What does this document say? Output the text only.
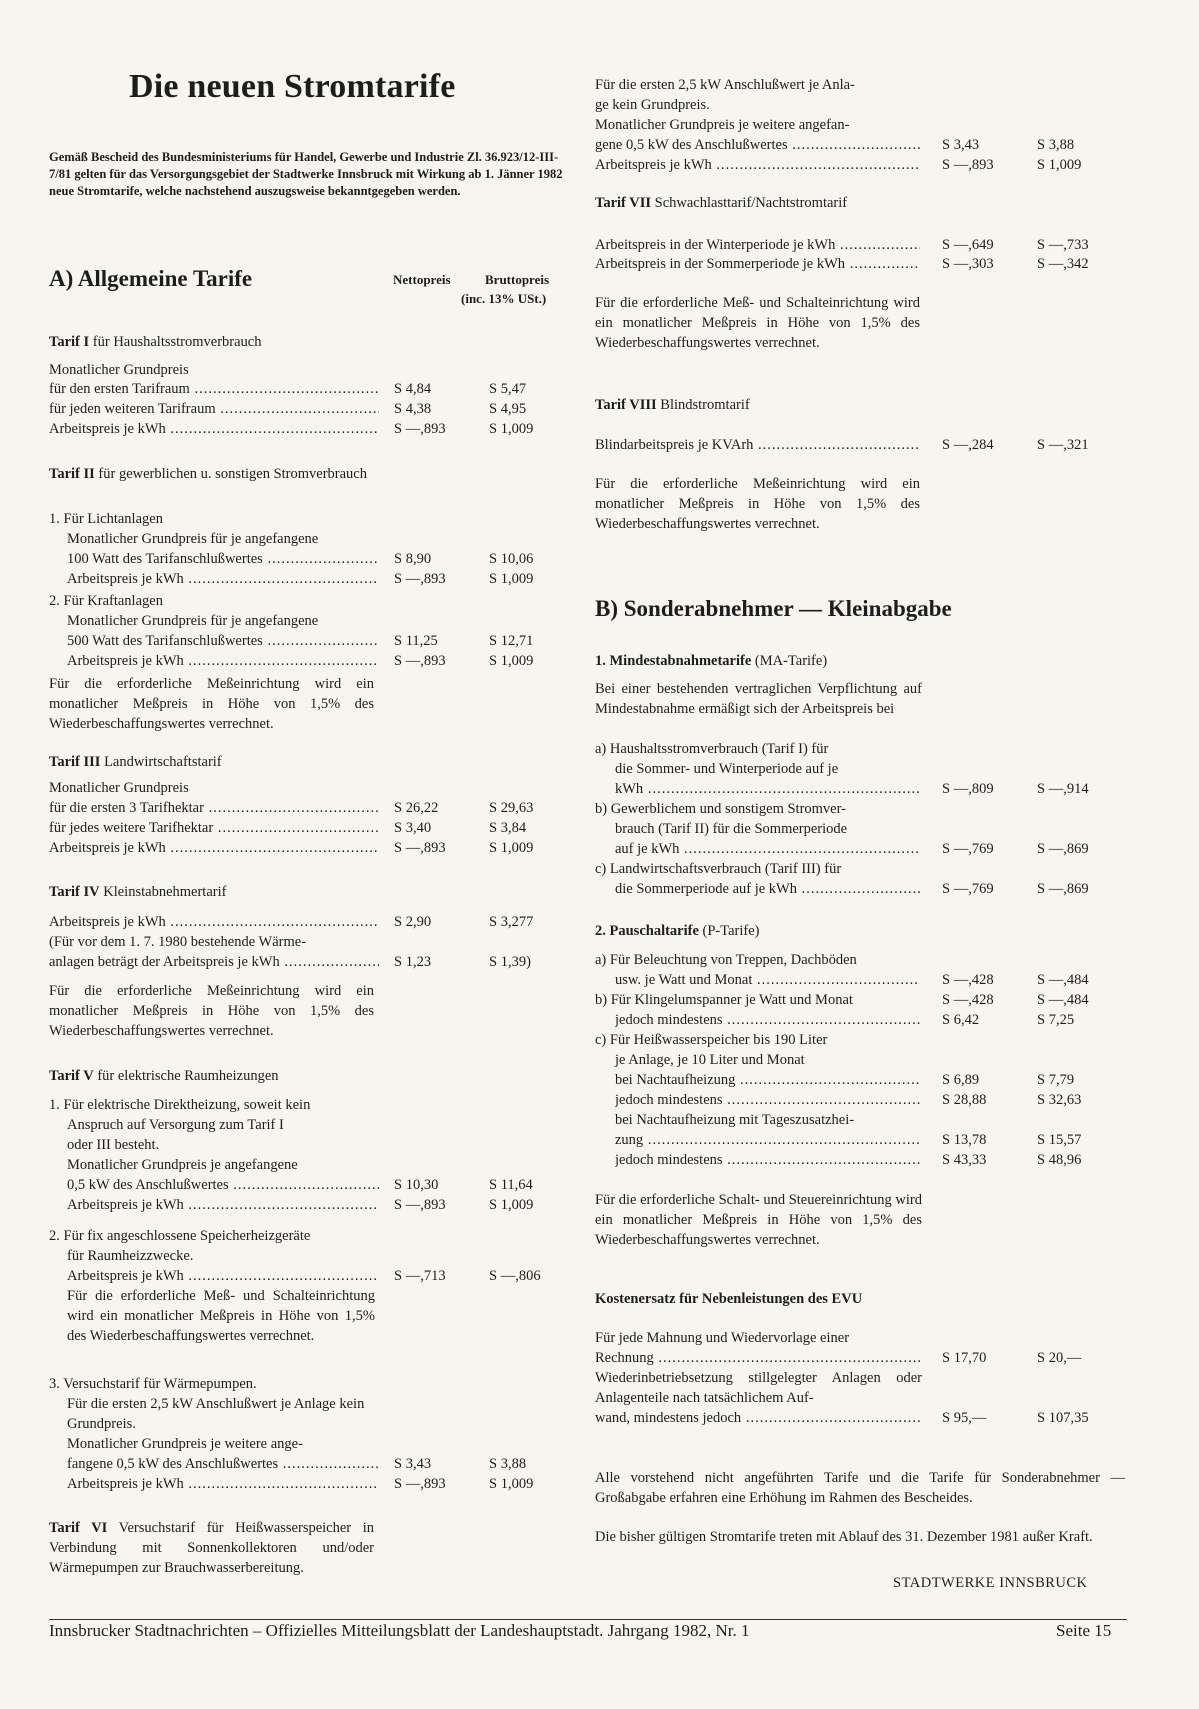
Die neuen Stromtarife
Gemäß Bescheid des Bundesministeriums für Handel, Gewerbe und Industrie Zl. 36.923/12-III-7/81 gelten für das Versorgungsgebiet der Stadtwerke Innsbruck mit Wirkung ab 1. Jänner 1982 neue Stromtarife, welche nachstehend auszugsweise bekanntgegeben werden.
A) Allgemeine Tarife	Nettopreis	Bruttopreis
(inc. 13% USt.)
Tarif I für Haushaltsstromverbrauch
Monatlicher Grundpreis
für den ersten Tarifraum .....	S 4,84	S 5,47
für jeden weiteren Tarifraum .....	S 4,38	S 4,95
Arbeitspreis je kWh .....	S —,893	S 1,009
Tarif II für gewerblichen u. sonstigen Stromverbrauch
1. Für Lichtanlagen
Monatlicher Grundpreis für je angefangene
100 Watt des Tarifanschlußwertes .....	S 8,90	S 10,06
Arbeitspreis je kWh .....	S —,893	S 1,009
2. Für Kraftanlagen
Monatlicher Grundpreis für je angefangene
500 Watt des Tarifanschlußwertes .....	S 11,25	S 12,71
Arbeitspreis je kWh .....	S —,893	S 1,009
Für die erforderliche Meßeinrichtung wird ein monatlicher Meßpreis in Höhe von 1,5% des Wiederbeschaffungswertes verrechnet.
Tarif III Landwirtschaftstarif
Monatlicher Grundpreis
für die ersten 3 Tarifhektar .....	S 26,22	S 29,63
für jedes weitere Tarifhektar .....	S 3,40	S 3,84
Arbeitspreis je kWh .....	S —,893	S 1,009
Tarif IV Kleinstabnehmertarif
Arbeitspreis je kWh .....	S 2,90	S 3,277
(Für vor dem 1. 7. 1980 bestehende Wärme-
anlagen beträgt der Arbeitspreis je kWh .....	S 1,23	S 1,39)
Für die erforderliche Meßeinrichtung wird ein monatlicher Meßpreis in Höhe von 1,5% des Wiederbeschaffungswertes verrechnet.
Tarif V für elektrische Raumheizungen
1. Für elektrische Direktheizung, soweit kein
Anspruch auf Versorgung zum Tarif I
oder III besteht.
Monatlicher Grundpreis je angefangene
0,5 kW des Anschlußwertes .....	S 10,30	S 11,64
Arbeitspreis je kWh .....	S —,893	S 1,009
2. Für fix angeschlossene Speicherheizgeräte
für Raumheizzwecke.
Arbeitspreis je kWh .....	S —,713	S —,806
Für die erforderliche Meß- und Schalteinrichtung wird ein monatlicher Meßpreis in Höhe von 1,5% des Wiederbeschaffungswertes verrechnet.
3. Versuchstarif für Wärmepumpen.
Für die ersten 2,5 kW Anschlußwert je Anlage kein Grundpreis.
Monatlicher Grundpreis je weitere ange-
fangene 0,5 kW des Anschlußwertes .....	S 3,43	S 3,88
Arbeitspreis je kWh .....	S —,893	S 1,009
Tarif VI Versuchstarif für Heißwasserspeicher in Verbindung mit Sonnenkollektoren und/oder Wärmepumpen zur Brauchwasserbereitung.
Für die ersten 2,5 kW Anschlußwert je Anla-
ge kein Grundpreis.
Monatlicher Grundpreis je weitere angefan-
gene 0,5 kW des Anschlußwertes .....	S 3,43	S 3,88
Arbeitspreis je kWh .....	S —,893	S 1,009
Tarif VII Schwachlasttarif/Nachtstromtarif
Arbeitspreis in der Winterperiode je kWh .....	S —,649	S —,733
Arbeitspreis in der Sommerperiode je kWh .....	S —,303	S —,342
Für die erforderliche Meß- und Schalteinrichtung wird ein monatlicher Meßpreis in Höhe von 1,5% des Wiederbeschaffungswertes verrechnet.
Tarif VIII Blindstromtarif
Blindarbeitspreis je KVArh .....	S —,284	S —,321
Für die erforderliche Meßeinrichtung wird ein monatlicher Meßpreis in Höhe von 1,5% des Wiederbeschaffungswertes verrechnet.
B) Sonderabnehmer — Kleinabgabe
1. Mindestabnahmetarife (MA-Tarife)
Bei einer bestehenden vertraglichen Verpflichtung auf Mindestabnahme ermäßigt sich der Arbeitspreis bei
a) Haushaltsstromverbrauch (Tarif I) für
die Sommer- und Winterperiode auf je
kWh .....	S —,809	S —,914
b) Gewerblichem und sonstigem Stromver-
brauch (Tarif II) für die Sommerperiode
auf je kWh .....	S —,769	S —,869
c) Landwirtschaftsverbrauch (Tarif III) für
die Sommerperiode auf je kWh .....	S —,769	S —,869
2. Pauschaltarife (P-Tarife)
a) Für Beleuchtung von Treppen, Dachböden
usw. je Watt und Monat .....	S —,428	S —,484
b) Für Klingelumspanner je Watt und Monat	S —,428	S —,484
jedoch mindestens .....	S 6,42	S 7,25
c) Für Heißwasserspeicher bis 190 Liter
je Anlage, je 10 Liter und Monat
bei Nachtaufheizung .....	S 6,89	S 7,79
jedoch mindestens .....	S 28,88	S 32,63
bei Nachtaufheizung mit Tageszusatzhei-
zung .....	S 13,78	S 15,57
jedoch mindestens .....	S 43,33	S 48,96
Für die erforderliche Schalt- und Steuereinrichtung wird ein monatlicher Meßpreis in Höhe von 1,5% des Wiederbeschaffungswertes verrechnet.
Kostenersatz für Nebenleistungen des EVU
Für jede Mahnung und Wiedervorlage einer
Rechnung .....	S 17,70	S 20,—
Wiederinbetriebsetzung stillgelegter Anlagen oder Anlagenteile nach tatsächlichem Auf-
wand, mindestens jedoch .....	S 95,—	S 107,35
Alle vorstehend nicht angeführten Tarife und die Tarife für Sonderabnehmer — Großabgabe erfahren eine Erhöhung im Rahmen des Bescheides.
Die bisher gültigen Stromtarife treten mit Ablauf des 31. Dezember 1981 außer Kraft.
STADTWERKE INNSBRUCK
Innsbrucker Stadtnachrichten – Offizielles Mitteilungsblatt der Landeshauptstadt. Jahrgang 1982, Nr. 1	Seite 15
